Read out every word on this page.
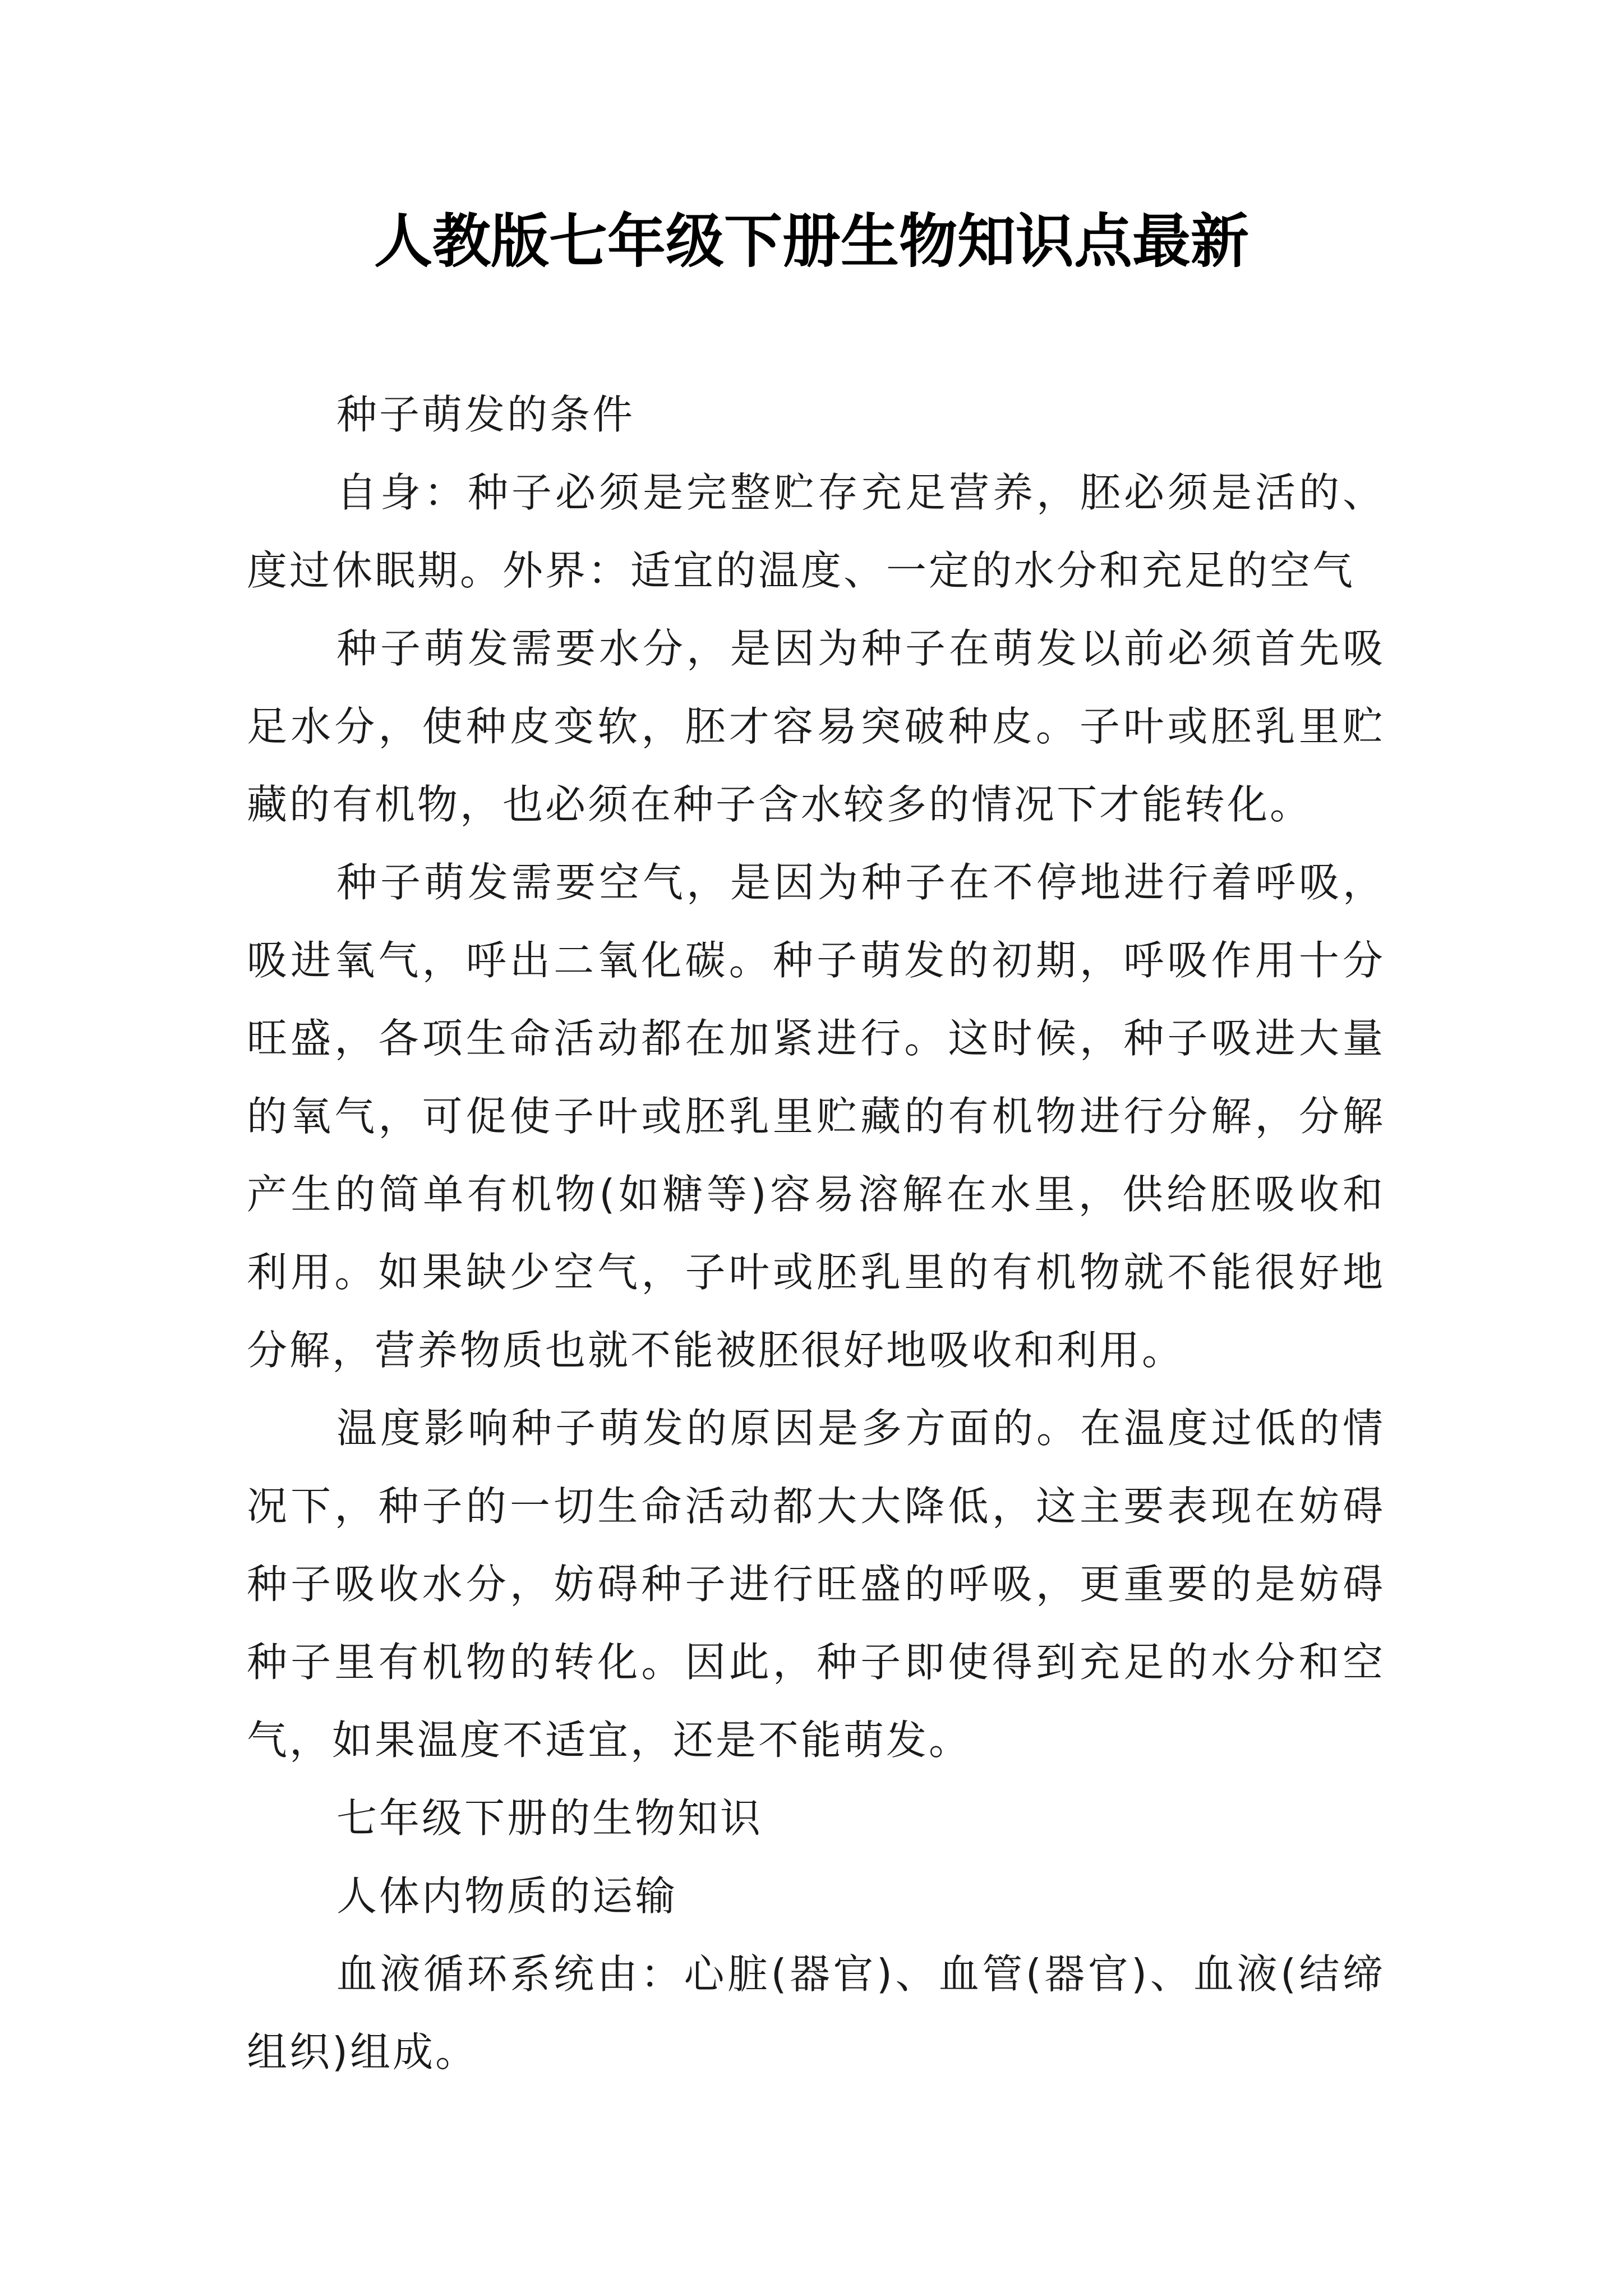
人教版七年级下册生物知识点最新

种子萌发的条件

自身：种子必须是完整贮存充足营养，胚必须是活的、度过休眠期。外界：适宜的温度、一定的水分和充足的空气

种子萌发需要水分，是因为种子在萌发以前必须首先吸足水分，使种皮变软，胚才容易突破种皮。子叶或胚乳里贮藏的有机物，也必须在种子含水较多的情况下才能转化。

种子萌发需要空气，是因为种子在不停地进行着呼吸，吸进氧气，呼出二氧化碳。种子萌发的初期，呼吸作用十分旺盛，各项生命活动都在加紧进行。这时候，种子吸进大量的氧气，可促使子叶或胚乳里贮藏的有机物进行分解，分解产生的简单有机物(如糖等)容易溶解在水里，供给胚吸收和利用。如果缺少空气，子叶或胚乳里的有机物就不能很好地分解，营养物质也就不能被胚很好地吸收和利用。

温度影响种子萌发的原因是多方面的。在温度过低的情况下，种子的一切生命活动都大大降低，这主要表现在妨碍种子吸收水分，妨碍种子进行旺盛的呼吸，更重要的是妨碍种子里有机物的转化。因此，种子即使得到充足的水分和空气，如果温度不适宜，还是不能萌发。

七年级下册的生物知识

人体内物质的运输

血液循环系统由：心脏(器官)、血管(器官)、血液(结缔组织)组成。
